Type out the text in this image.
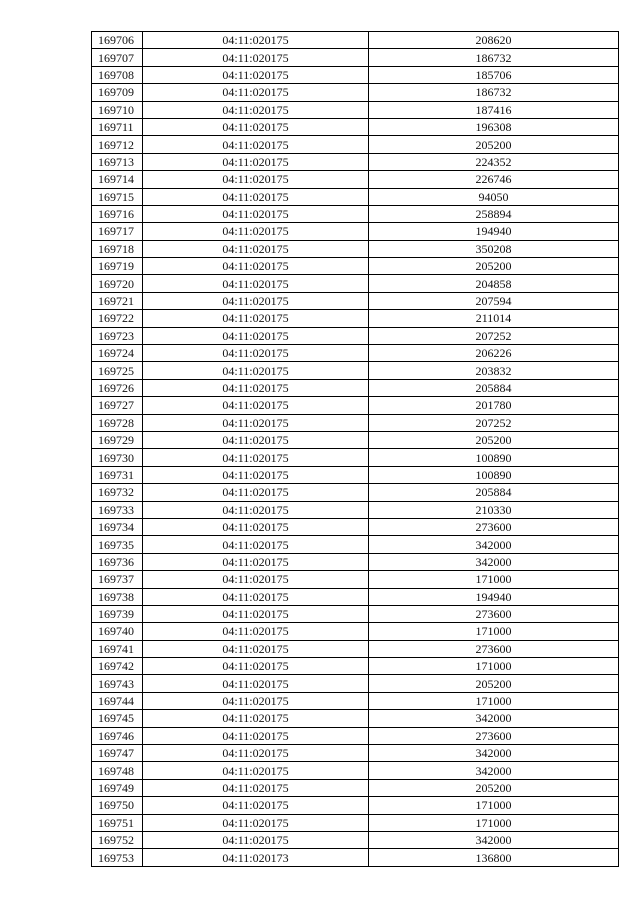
169706	04:11:020175	208620
169707	04:11:020175	186732
169708	04:11:020175	185706
169709	04:11:020175	186732
169710	04:11:020175	187416
169711	04:11:020175	196308
169712	04:11:020175	205200
169713	04:11:020175	224352
169714	04:11:020175	226746
169715	04:11:020175	94050
169716	04:11:020175	258894
169717	04:11:020175	194940
169718	04:11:020175	350208
169719	04:11:020175	205200
169720	04:11:020175	204858
169721	04:11:020175	207594
169722	04:11:020175	211014
169723	04:11:020175	207252
169724	04:11:020175	206226
169725	04:11:020175	203832
169726	04:11:020175	205884
169727	04:11:020175	201780
169728	04:11:020175	207252
169729	04:11:020175	205200
169730	04:11:020175	100890
169731	04:11:020175	100890
169732	04:11:020175	205884
169733	04:11:020175	210330
169734	04:11:020175	273600
169735	04:11:020175	342000
169736	04:11:020175	342000
169737	04:11:020175	171000
169738	04:11:020175	194940
169739	04:11:020175	273600
169740	04:11:020175	171000
169741	04:11:020175	273600
169742	04:11:020175	171000
169743	04:11:020175	205200
169744	04:11:020175	171000
169745	04:11:020175	342000
169746	04:11:020175	273600
169747	04:11:020175	342000
169748	04:11:020175	342000
169749	04:11:020175	205200
169750	04:11:020175	171000
169751	04:11:020175	171000
169752	04:11:020175	342000
169753	04:11:020173	136800
